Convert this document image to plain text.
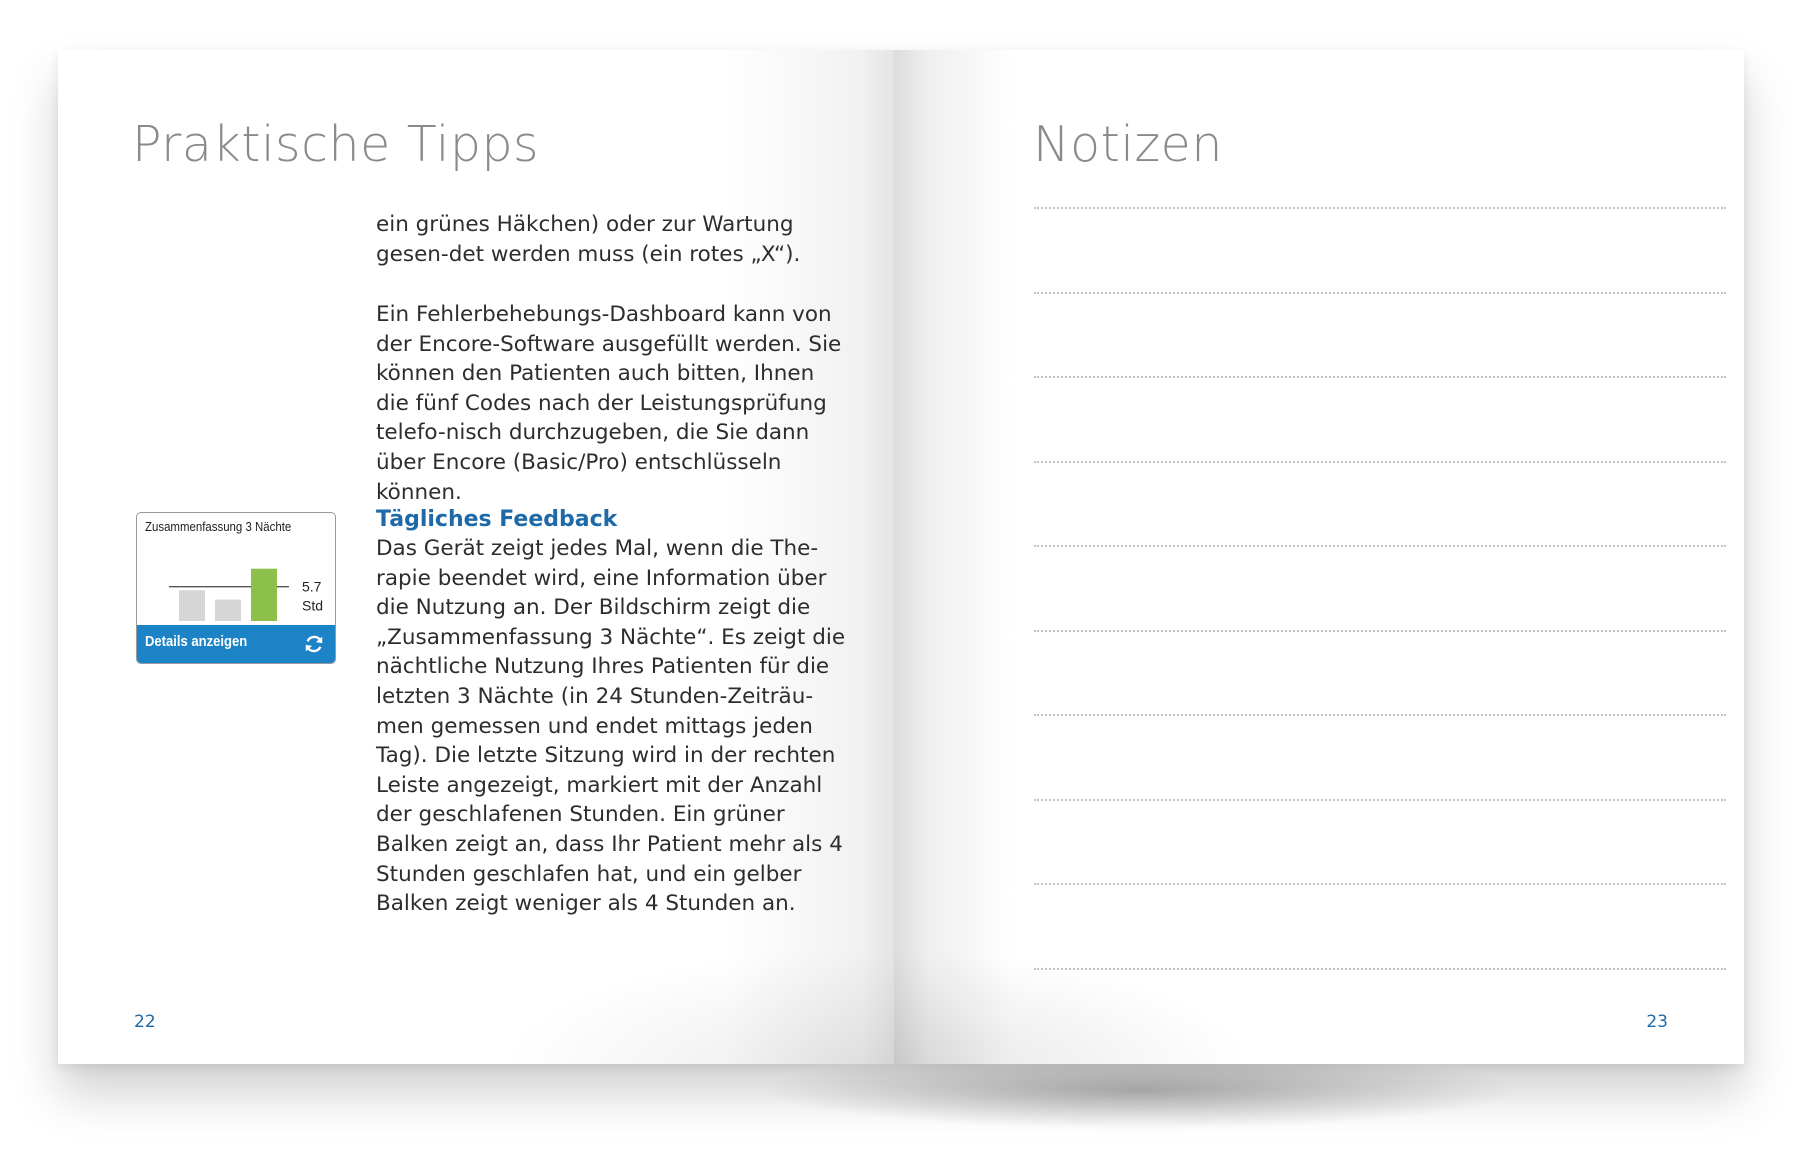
Praktische Tipps

ein grünes Häkchen) oder zur Wartung gesen-det werden muss (ein rotes „X“).

Ein Fehlerbehebungs-Dashboard kann von der Encore-Software ausgefüllt werden. Sie können den Patienten auch bitten, Ihnen die fünf Codes nach der Leistungsprüfung telefo-nisch durchzugeben, die Sie dann über Encore (Basic/Pro) entschlüsseln können.

Tägliches Feedback

Das Gerät zeigt jedes Mal, wenn die The-rapie beendet wird, eine Information über die Nutzung an. Der Bildschirm zeigt die „Zusammenfassung 3 Nächte“. Es zeigt die nächtliche Nutzung Ihres Patienten für die letzten 3 Nächte (in 24 Stunden-Zeiträu-men gemessen und endet mittags jeden Tag). Die letzte Sitzung wird in der rechten Leiste angezeigt, markiert mit der Anzahl der geschlafenen Stunden. Ein grüner Balken zeigt an, dass Ihr Patient mehr als 4 Stunden geschlafen hat, und ein gelber Balken zeigt weniger als 4 Stunden an.

Zusammenfassung 3 Nächte
5.7
Std
Details anzeigen
22
Notizen
23
